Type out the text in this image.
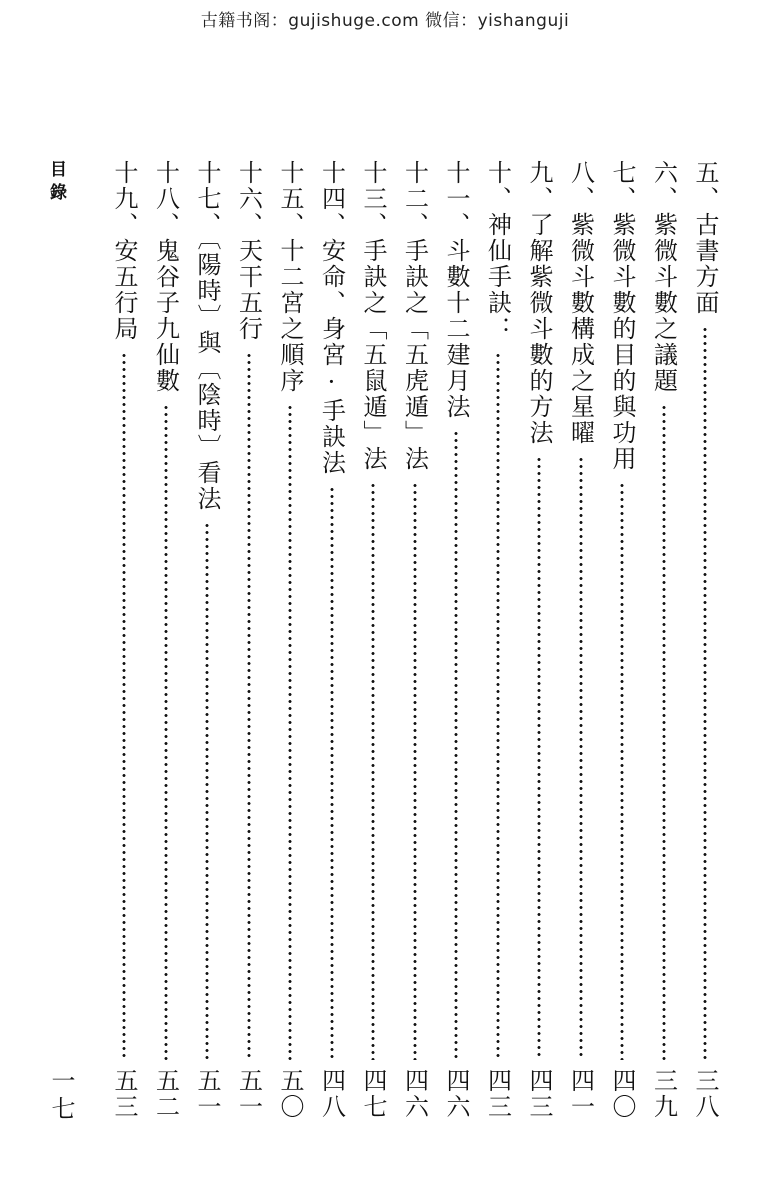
古籍书阁：gujishuge.com 微信：yishanguji
目錄
一七
五、古書方面
三八
六、紫微斗數之議題
三九
七、紫微斗數的目的與功用
四〇
八、紫微斗數構成之星曜
四一
九、了解紫微斗數的方法
四三
十、神仙手訣：
四三
十一、斗數十二建月法
四六
十二、手訣之「五虎遁」法
四六
十三、手訣之「五鼠遁」法
四七
十四、安命、身宮·手訣法
四八
十五、十二宮之順序
五〇
十六、天干五行
五一
十七、〔陽時〕與〔陰時〕看法
五一
十八、鬼谷子九仙數
五二
十九、安五行局
五三
